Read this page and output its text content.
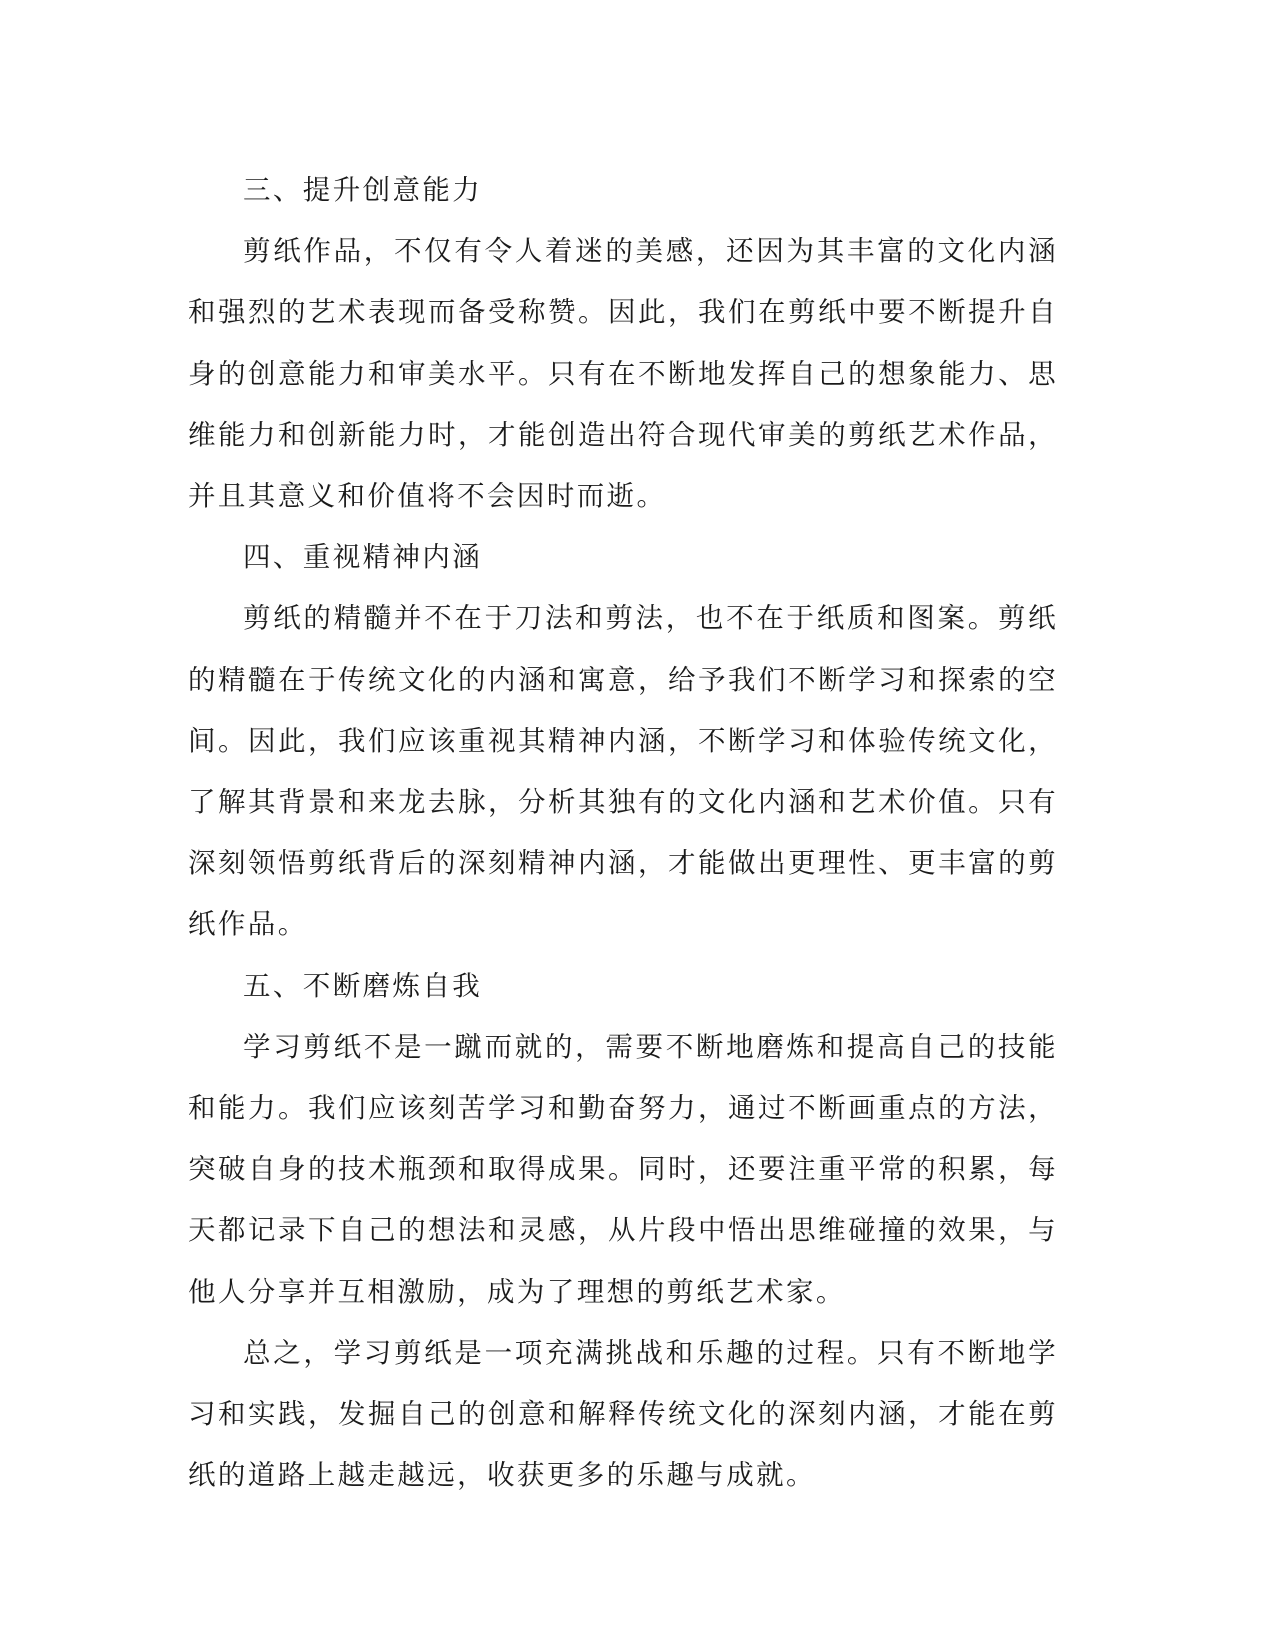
三、提升创意能力

剪纸作品，不仅有令人着迷的美感，还因为其丰富的文化内涵和强烈的艺术表现而备受称赞。因此，我们在剪纸中要不断提升自身的创意能力和审美水平。只有在不断地发挥自己的想象能力、思维能力和创新能力时，才能创造出符合现代审美的剪纸艺术作品，并且其意义和价值将不会因时而逝。

四、重视精神内涵

剪纸的精髓并不在于刀法和剪法，也不在于纸质和图案。剪纸的精髓在于传统文化的内涵和寓意，给予我们不断学习和探索的空间。因此，我们应该重视其精神内涵，不断学习和体验传统文化，了解其背景和来龙去脉，分析其独有的文化内涵和艺术价值。只有深刻领悟剪纸背后的深刻精神内涵，才能做出更理性、更丰富的剪纸作品。

五、不断磨炼自我

学习剪纸不是一蹴而就的，需要不断地磨炼和提高自己的技能和能力。我们应该刻苦学习和勤奋努力，通过不断画重点的方法，突破自身的技术瓶颈和取得成果。同时，还要注重平常的积累，每天都记录下自己的想法和灵感，从片段中悟出思维碰撞的效果，与他人分享并互相激励，成为了理想的剪纸艺术家。

总之，学习剪纸是一项充满挑战和乐趣的过程。只有不断地学习和实践，发掘自己的创意和解释传统文化的深刻内涵，才能在剪纸的道路上越走越远，收获更多的乐趣与成就。
